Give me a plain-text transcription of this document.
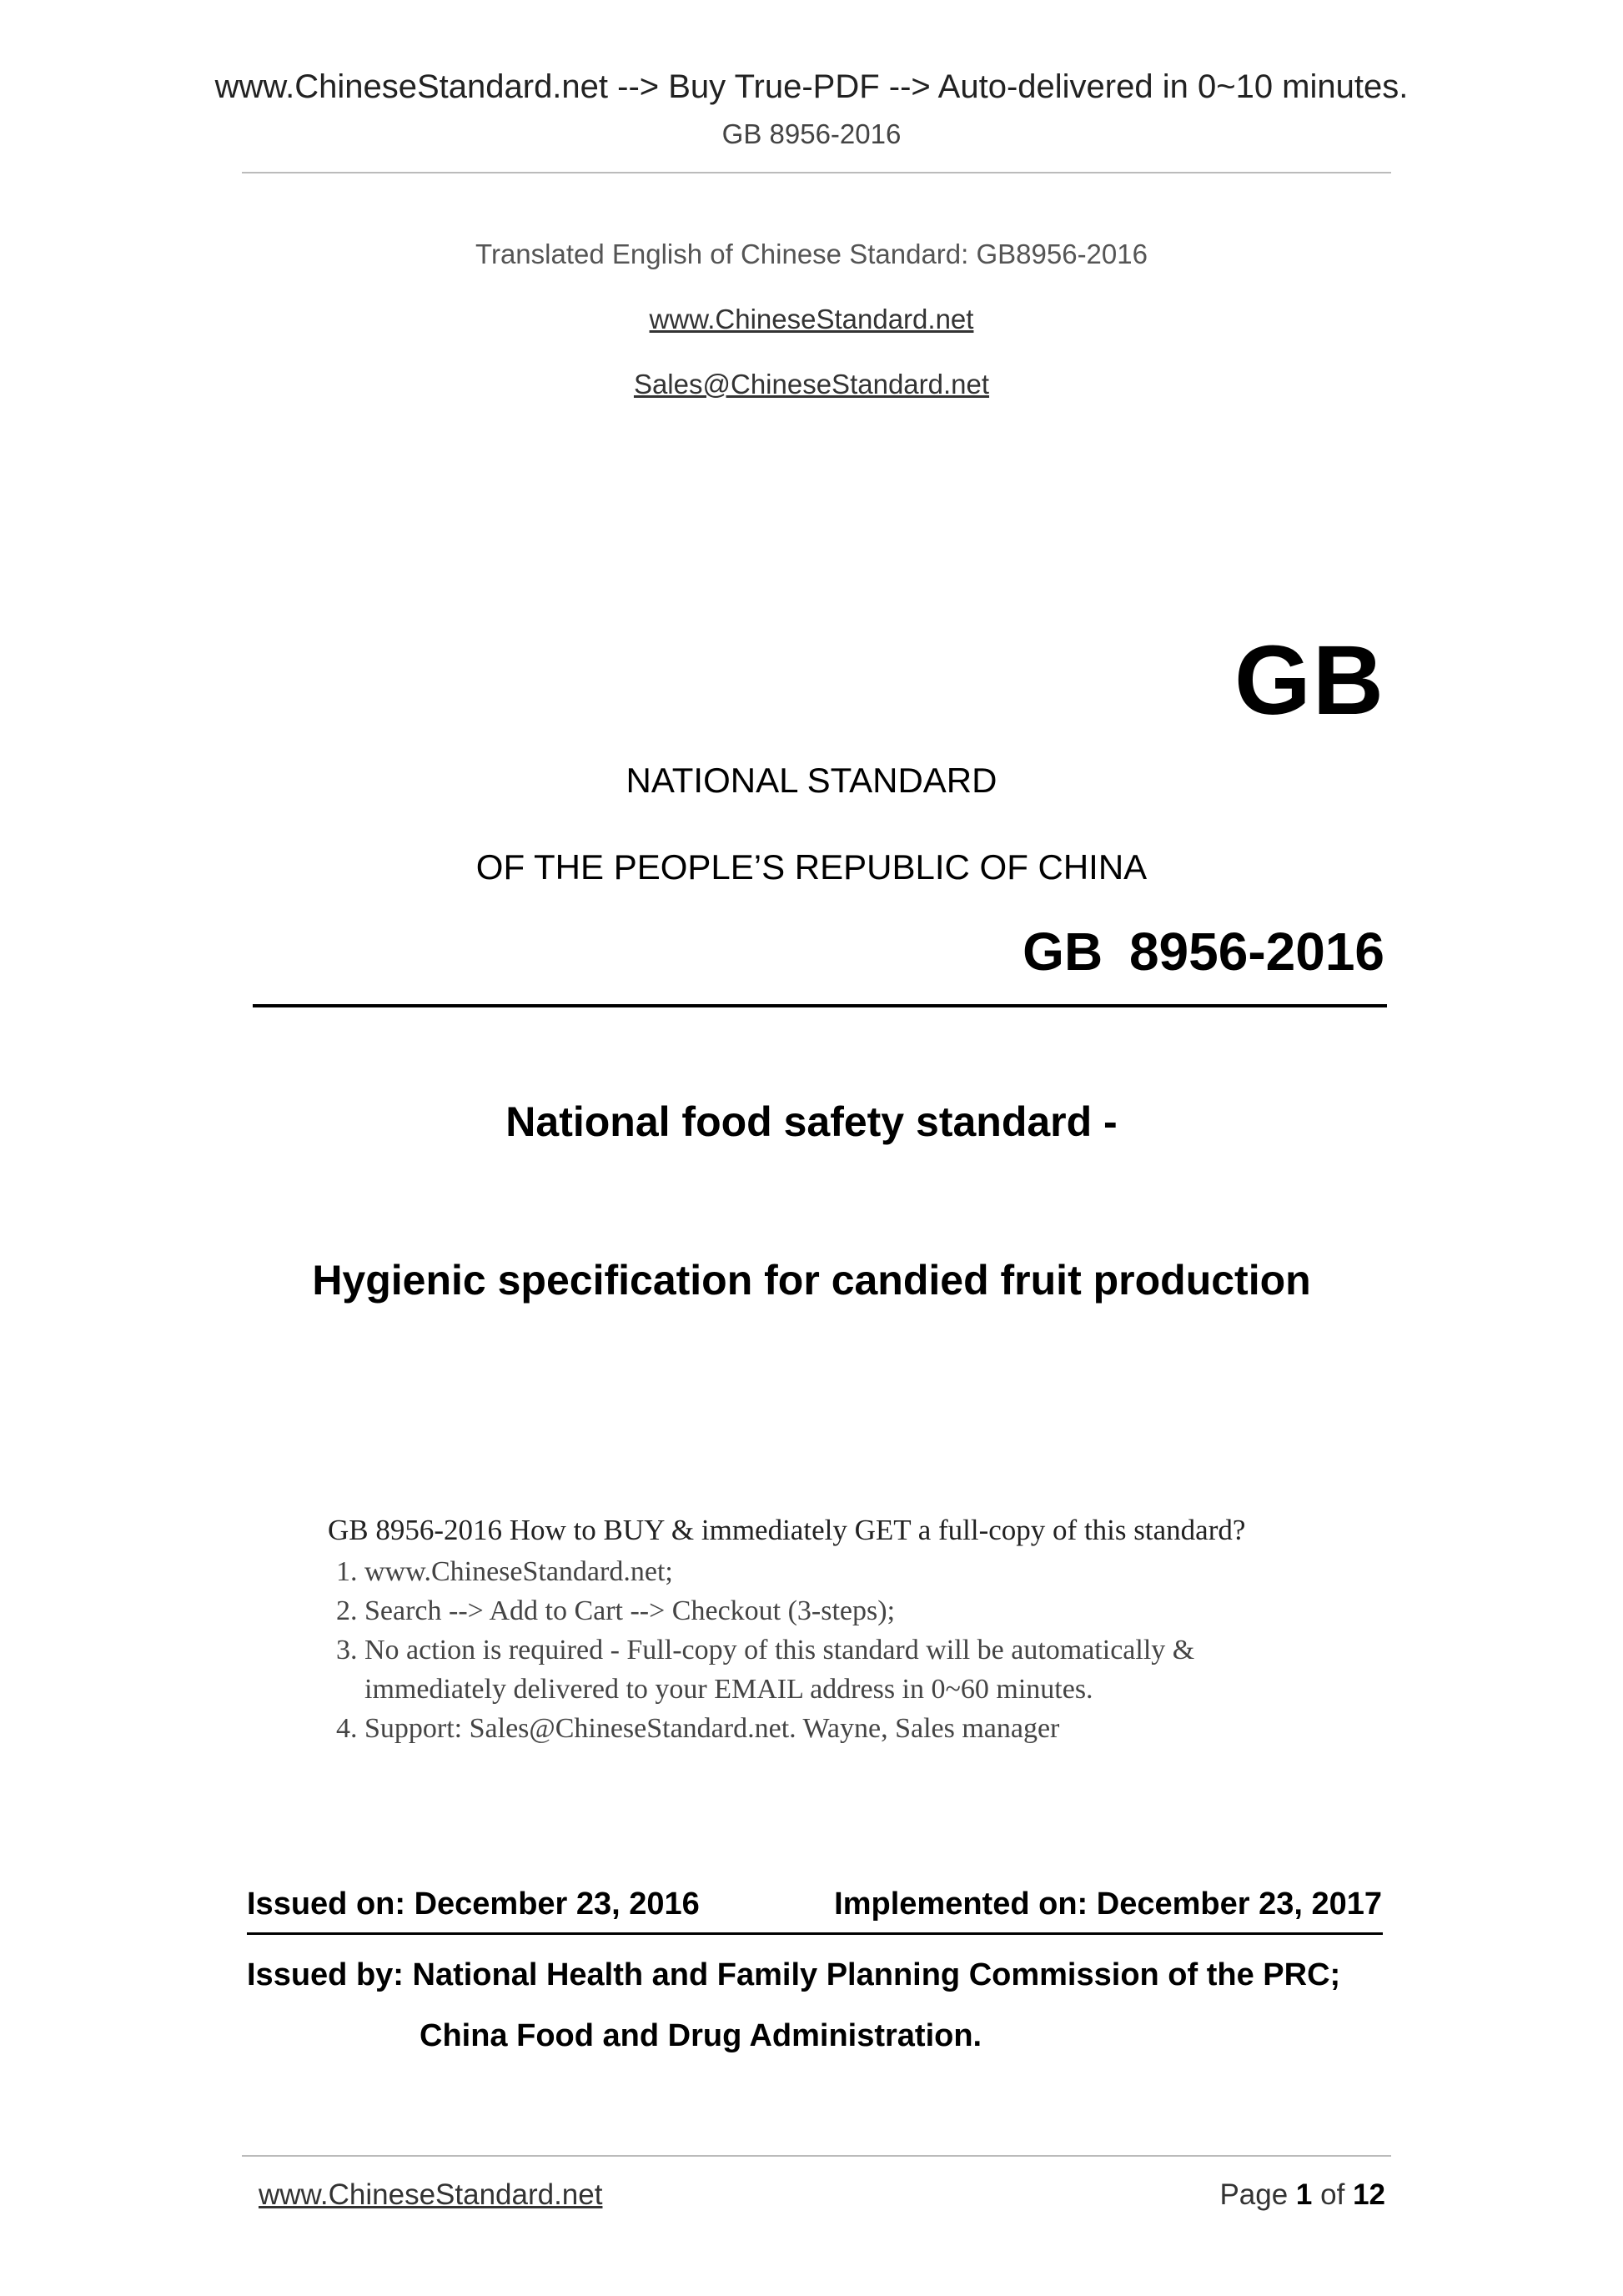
www.ChineseStandard.net --> Buy True-PDF --> Auto-delivered in 0~10 minutes.
GB 8956-2016
Translated English of Chinese Standard: GB8956-2016
www.ChineseStandard.net
Sales@ChineseStandard.net
GB
NATIONAL STANDARD
OF THE PEOPLE’S REPUBLIC OF CHINA
GB 8956-2016
National food safety standard -
Hygienic specification for candied fruit production
GB 8956-2016 How to BUY & immediately GET a full-copy of this standard?
1. www.ChineseStandard.net;
2. Search --> Add to Cart --> Checkout (3-steps);
3. No action is required - Full-copy of this standard will be automatically & immediately delivered to your EMAIL address in 0~60 minutes.
4. Support: Sales@ChineseStandard.net. Wayne, Sales manager
Issued on: December 23, 2016	Implemented on: December 23, 2017
Issued by: National Health and Family Planning Commission of the PRC;
China Food and Drug Administration.
www.ChineseStandard.net	Page 1 of 12
